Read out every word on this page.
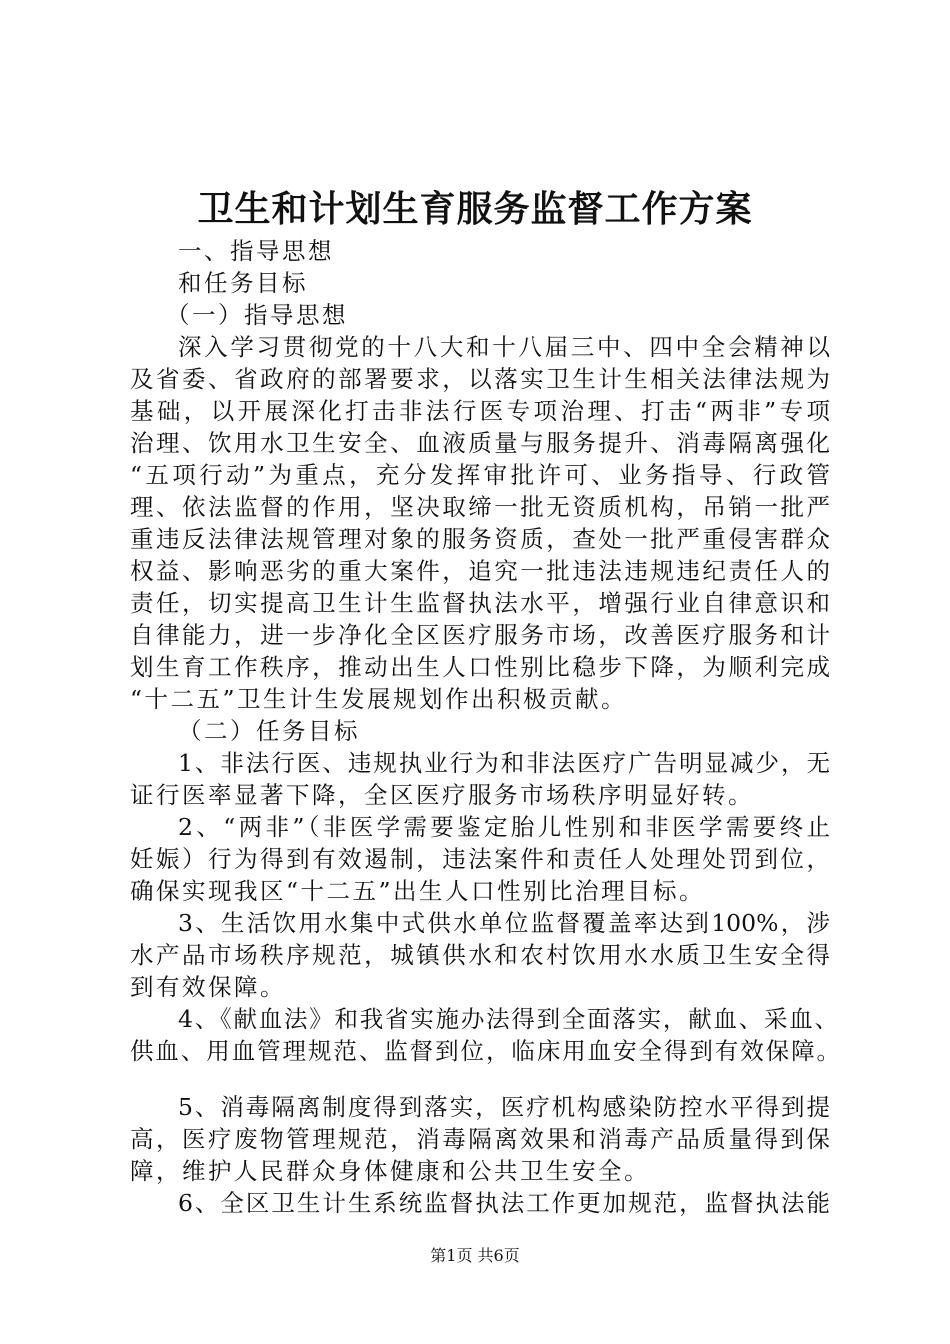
卫生和计划生育服务监督工作方案
一、指导思想
和任务目标
（一）指导思想
深入学习贯彻党的十八大和十八届三中、四中全会精神以
及省委、省政府的部署要求，以落实卫生计生相关法律法规为
基础，以开展深化打击非法行医专项治理、打击“两非”专项
治理、饮用水卫生安全、血液质量与服务提升、消毒隔离强化
“五项行动”为重点，充分发挥审批许可、业务指导、行政管
理、依法监督的作用，坚决取缔一批无资质机构，吊销一批严
重违反法律法规管理对象的服务资质，查处一批严重侵害群众
权益、影响恶劣的重大案件，追究一批违法违规违纪责任人的
责任，切实提高卫生计生监督执法水平，增强行业自律意识和
自律能力，进一步净化全区医疗服务市场，改善医疗服务和计
划生育工作秩序，推动出生人口性别比稳步下降，为顺利完成
“十二五”卫生计生发展规划作出积极贡献。
（二）任务目标
1、非法行医、违规执业行为和非法医疗广告明显减少，无
证行医率显著下降，全区医疗服务市场秩序明显好转。
2、“两非”（非医学需要鉴定胎儿性别和非医学需要终止
妊娠）行为得到有效遏制，违法案件和责任人处理处罚到位，
确保实现我区“十二五”出生人口性别比治理目标。
3、生活饮用水集中式供水单位监督覆盖率达到100%，涉
水产品市场秩序规范，城镇供水和农村饮用水水质卫生安全得
到有效保障。
4、《献血法》和我省实施办法得到全面落实，献血、采血、
供血、用血管理规范、监督到位，临床用血安全得到有效保障。
5、消毒隔离制度得到落实，医疗机构感染防控水平得到提
高，医疗废物管理规范，消毒隔离效果和消毒产品质量得到保
障，维护人民群众身体健康和公共卫生安全。
6、全区卫生计生系统监督执法工作更加规范，监督执法能
第1页 共6页
